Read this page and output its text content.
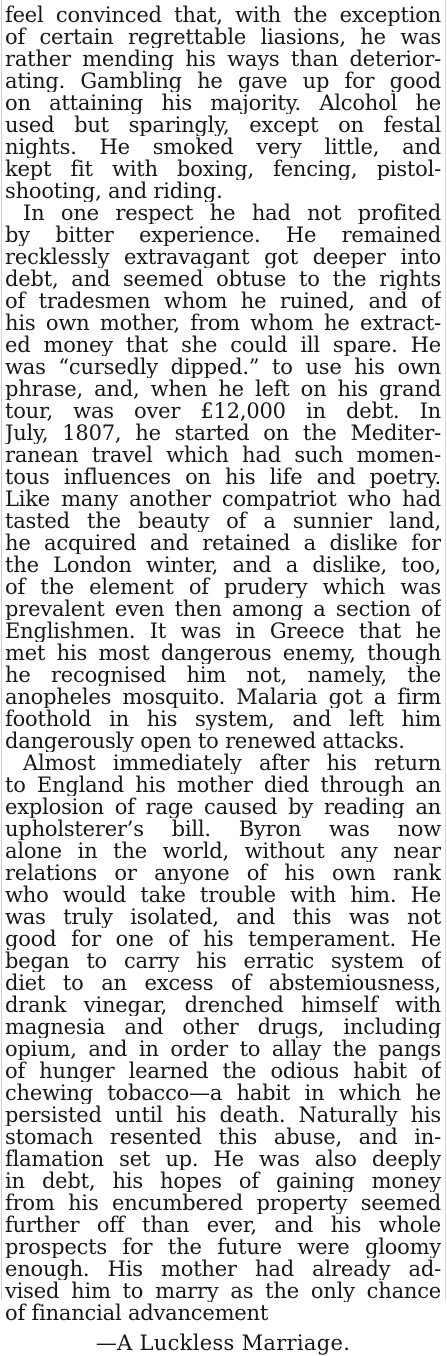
feel convinced that, with the exception
of certain regrettable liasions, he was
rather mending his ways than deterior-
ating. Gambling he gave up for good
on attaining his majority. Alcohol he
used but sparingly, except on festal
nights. He smoked very little, and
kept fit with boxing, fencing, pistol-
shooting, and riding.
In one respect he had not profited
by bitter experience. He remained
recklessly extravagant got deeper into
debt, and seemed obtuse to the rights
of tradesmen whom he ruined, and of
his own mother, from whom he extract-
ed money that she could ill spare. He
was “cursedly dipped.” to use his own
phrase, and, when he left on his grand
tour, was over £12,000 in debt. In
July, 1807, he started on the Mediter-
ranean travel which had such momen-
tous influences on his life and poetry.
Like many another compatriot who had
tasted the beauty of a sunnier land,
he acquired and retained a dislike for
the London winter, and a dislike, too,
of the element of prudery which was
prevalent even then among a section of
Englishmen. It was in Greece that he
met his most dangerous enemy, though
he recognised him not, namely, the
anopheles mosquito. Malaria got a firm
foothold in his system, and left him
dangerously open to renewed attacks.
Almost immediately after his return
to England his mother died through an
explosion of rage caused by reading an
upholsterer’s bill. Byron was now
alone in the world, without any near
relations or anyone of his own rank
who would take trouble with him. He
was truly isolated, and this was not
good for one of his temperament. He
began to carry his erratic system of
diet to an excess of abstemiousness,
drank vinegar, drenched himself with
magnesia and other drugs, including
opium, and in order to allay the pangs
of hunger learned the odious habit of
chewing tobacco—a habit in which he
persisted until his death. Naturally his
stomach resented this abuse, and in-
flamation set up. He was also deeply
in debt, his hopes of gaining money
from his encumbered property seemed
further off than ever, and his whole
prospects for the future were gloomy
enough. His mother had already ad-
vised him to marry as the only chance
of financial advancement
—A Luckless Marriage.
